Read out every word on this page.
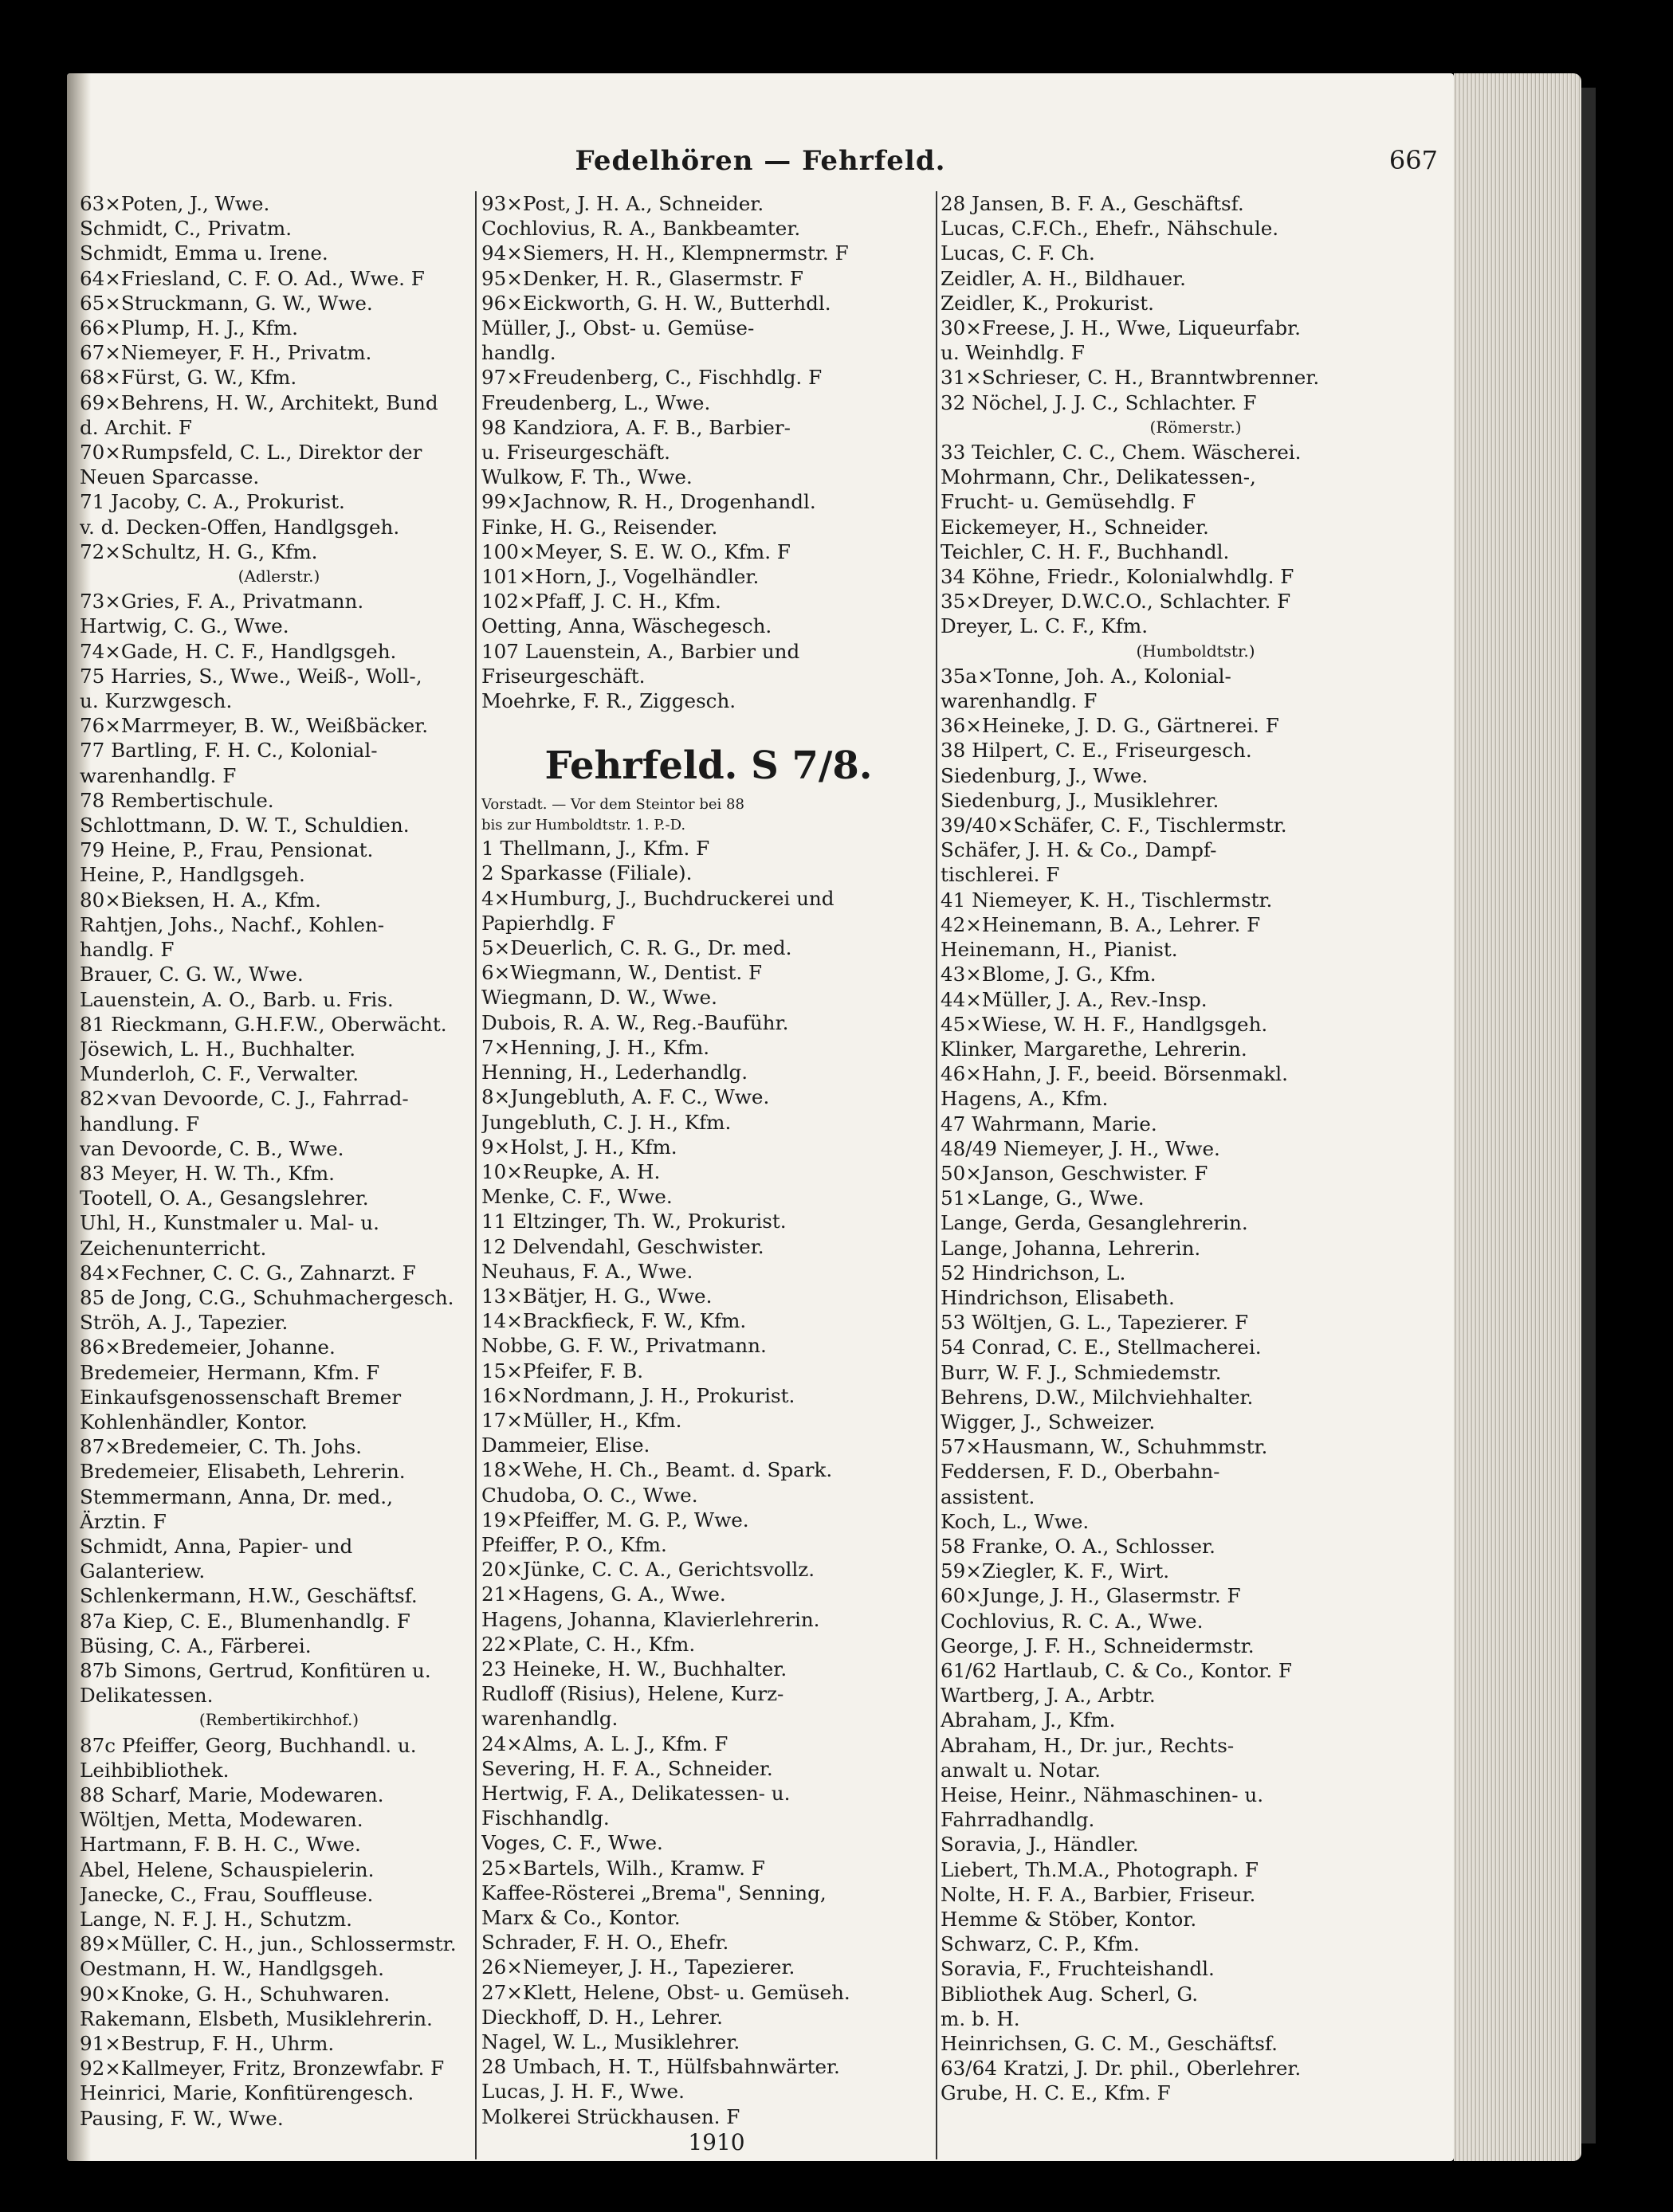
Fedelhören — Fehrfeld.	667
63×Poten, J., Wwe.
Schmidt, C., Privatm.
Schmidt, Emma u. Irene.
64×Friesland, C. F. O. Ad., Wwe. F
65×Struckmann, G. W., Wwe.
66×Plump, H. J., Kfm.
67×Niemeyer, F. H., Privatm.
68×Fürst, G. W., Kfm.
69×Behrens, H. W., Architekt, Bund
d. Archit. F
70×Rumpsfeld, C. L., Direktor der
Neuen Sparcasse.
71 Jacoby, C. A., Prokurist.
v. d. Decken-Offen, Handlgsgeh.
72×Schultz, H. G., Kfm.
(Adlerstr.)
73×Gries, F. A., Privatmann.
Hartwig, C. G., Wwe.
74×Gade, H. C. F., Handlgsgeh.
75 Harries, S., Wwe., Weiß-, Woll-,
u. Kurzwgesch.
76×Marrmeyer, B. W., Weißbäcker.
77 Bartling, F. H. C., Kolonial-
warenhandlg. F
78 Rembertischule.
Schlottmann, D. W. T., Schuldien.
79 Heine, P., Frau, Pensionat.
Heine, P., Handlgsgeh.
80×Bieksen, H. A., Kfm.
Rahtjen, Johs., Nachf., Kohlen-
handlg. F
Brauer, C. G. W., Wwe.
Lauenstein, A. O., Barb. u. Fris.
81 Rieckmann, G.H.F.W., Oberwächt.
Jösewich, L. H., Buchhalter.
Munderloh, C. F., Verwalter.
82×van Devoorde, C. J., Fahrrad-
handlung. F
van Devoorde, C. B., Wwe.
83 Meyer, H. W. Th., Kfm.
Tootell, O. A., Gesangslehrer.
Uhl, H., Kunstmaler u. Mal- u.
Zeichenunterricht.
84×Fechner, C. C. G., Zahnarzt. F
85 de Jong, C.G., Schuhmachergesch.
Ströh, A. J., Tapezier.
86×Bredemeier, Johanne.
Bredemeier, Hermann, Kfm. F
Einkaufsgenossenschaft Bremer
Kohlenhändler, Kontor.
87×Bredemeier, C. Th. Johs.
Bredemeier, Elisabeth, Lehrerin.
Stemmermann, Anna, Dr. med.,
Ärztin. F
Schmidt, Anna, Papier- und
Galanteriew.
Schlenkermann, H.W., Geschäftsf.
87a Kiep, C. E., Blumenhandlg. F
Büsing, C. A., Färberei.
87b Simons, Gertrud, Konfitüren u.
Delikatessen.
(Rembertikirchhof.)
87c Pfeiffer, Georg, Buchhandl. u.
Leihbibliothek.
88 Scharf, Marie, Modewaren.
Wöltjen, Metta, Modewaren.
Hartmann, F. B. H. C., Wwe.
Abel, Helene, Schauspielerin.
Janecke, C., Frau, Souffleuse.
Lange, N. F. J. H., Schutzm.
89×Müller, C. H., jun., Schlossermstr.
Oestmann, H. W., Handlgsgeh.
90×Knoke, G. H., Schuhwaren.
Rakemann, Elsbeth, Musiklehrerin.
91×Bestrup, F. H., Uhrm.
92×Kallmeyer, Fritz, Bronzewfabr. F
Heinrici, Marie, Konfitürengesch.
Pausing, F. W., Wwe.
93×Post, J. H. A., Schneider.
Cochlovius, R. A., Bankbeamter.
94×Siemers, H. H., Klempnermstr. F
95×Denker, H. R., Glasermstr. F
96×Eickworth, G. H. W., Butterhdl.
Müller, J., Obst- u. Gemüse-
handlg.
97×Freudenberg, C., Fischhdlg. F
Freudenberg, L., Wwe.
98 Kandziora, A. F. B., Barbier-
u. Friseurgeschäft.
Wulkow, F. Th., Wwe.
99×Jachnow, R. H., Drogenhandl.
Finke, H. G., Reisender.
100×Meyer, S. E. W. O., Kfm. F
101×Horn, J., Vogelhändler.
102×Pfaff, J. C. H., Kfm.
Oetting, Anna, Wäschegesch.
107 Lauenstein, A., Barbier und
Friseurgeschäft.
Moehrke, F. R., Ziggesch.
Fehrfeld. S 7/8.
Vorstadt. — Vor dem Steintor bei 88
bis zur Humboldtstr. 1. P.-D.
1 Thellmann, J., Kfm. F
2 Sparkasse (Filiale).
4×Humburg, J., Buchdruckerei und
Papierhdlg. F
5×Deuerlich, C. R. G., Dr. med.
6×Wiegmann, W., Dentist. F
Wiegmann, D. W., Wwe.
Dubois, R. A. W., Reg.-Bauführ.
7×Henning, J. H., Kfm.
Henning, H., Lederhandlg.
8×Jungebluth, A. F. C., Wwe.
Jungebluth, C. J. H., Kfm.
9×Holst, J. H., Kfm.
10×Reupke, A. H.
Menke, C. F., Wwe.
11 Eltzinger, Th. W., Prokurist.
12 Delvendahl, Geschwister.
Neuhaus, F. A., Wwe.
13×Bätjer, H. G., Wwe.
14×Brackfieck, F. W., Kfm.
Nobbe, G. F. W., Privatmann.
15×Pfeifer, F. B.
16×Nordmann, J. H., Prokurist.
17×Müller, H., Kfm.
Dammeier, Elise.
18×Wehe, H. Ch., Beamt. d. Spark.
Chudoba, O. C., Wwe.
19×Pfeiffer, M. G. P., Wwe.
Pfeiffer, P. O., Kfm.
20×Jünke, C. C. A., Gerichtsvollz.
21×Hagens, G. A., Wwe.
Hagens, Johanna, Klavierlehrerin.
22×Plate, C. H., Kfm.
23 Heineke, H. W., Buchhalter.
Rudloff (Risius), Helene, Kurz-
warenhandlg.
24×Alms, A. L. J., Kfm. F
Severing, H. F. A., Schneider.
Hertwig, F. A., Delikatessen- u.
Fischhandlg.
Voges, C. F., Wwe.
25×Bartels, Wilh., Kramw. F
Kaffee-Rösterei „Brema", Senning,
Marx & Co., Kontor.
Schrader, F. H. O., Ehefr.
26×Niemeyer, J. H., Tapezierer.
27×Klett, Helene, Obst- u. Gemüseh.
Dieckhoff, D. H., Lehrer.
Nagel, W. L., Musiklehrer.
28 Umbach, H. T., Hülfsbahnwärter.
Lucas, J. H. F., Wwe.
Molkerei Strückhausen. F
28 Jansen, B. F. A., Geschäftsf.
Lucas, C.F.Ch., Ehefr., Nähschule.
Lucas, C. F. Ch.
Zeidler, A. H., Bildhauer.
Zeidler, K., Prokurist.
30×Freese, J. H., Wwe, Liqueurfabr.
u. Weinhdlg. F
31×Schrieser, C. H., Branntwbrenner.
32 Nöchel, J. J. C., Schlachter. F
(Römerstr.)
33 Teichler, C. C., Chem. Wäscherei.
Mohrmann, Chr., Delikatessen-,
Frucht- u. Gemüsehdlg. F
Eickemeyer, H., Schneider.
Teichler, C. H. F., Buchhandl.
34 Köhne, Friedr., Kolonialwhdlg. F
35×Dreyer, D.W.C.O., Schlachter. F
Dreyer, L. C. F., Kfm.
(Humboldtstr.)
35a×Tonne, Joh. A., Kolonial-
warenhandlg. F
36×Heineke, J. D. G., Gärtnerei. F
38 Hilpert, C. E., Friseurgesch.
Siedenburg, J., Wwe.
Siedenburg, J., Musiklehrer.
39/40×Schäfer, C. F., Tischlermstr.
Schäfer, J. H. & Co., Dampf-
tischlerei. F
41 Niemeyer, K. H., Tischlermstr.
42×Heinemann, B. A., Lehrer. F
Heinemann, H., Pianist.
43×Blome, J. G., Kfm.
44×Müller, J. A., Rev.-Insp.
45×Wiese, W. H. F., Handlgsgeh.
Klinker, Margarethe, Lehrerin.
46×Hahn, J. F., beeid. Börsenmakl.
Hagens, A., Kfm.
47 Wahrmann, Marie.
48/49 Niemeyer, J. H., Wwe.
50×Janson, Geschwister. F
51×Lange, G., Wwe.
Lange, Gerda, Gesanglehrerin.
Lange, Johanna, Lehrerin.
52 Hindrichson, L.
Hindrichson, Elisabeth.
53 Wöltjen, G. L., Tapezierer. F
54 Conrad, C. E., Stellmacherei.
Burr, W. F. J., Schmiedemstr.
Behrens, D.W., Milchviehhalter.
Wigger, J., Schweizer.
57×Hausmann, W., Schuhmmstr.
Feddersen, F. D., Oberbahn-
assistent.
Koch, L., Wwe.
58 Franke, O. A., Schlosser.
59×Ziegler, K. F., Wirt.
60×Junge, J. H., Glasermstr. F
Cochlovius, R. C. A., Wwe.
George, J. F. H., Schneidermstr.
61/62 Hartlaub, C. & Co., Kontor. F
Wartberg, J. A., Arbtr.
Abraham, J., Kfm.
Abraham, H., Dr. jur., Rechts-
anwalt u. Notar.
Heise, Heinr., Nähmaschinen- u.
Fahrradhandlg.
Soravia, J., Händler.
Liebert, Th.M.A., Photograph. F
Nolte, H. F. A., Barbier, Friseur.
Hemme & Stöber, Kontor.
Schwarz, C. P., Kfm.
Soravia, F., Fruchteishandl.
Bibliothek Aug. Scherl, G.
m. b. H.
Heinrichsen, G. C. M., Geschäftsf.
63/64 Kratzi, J. Dr. phil., Oberlehrer.
Grube, H. C. E., Kfm. F
1910
